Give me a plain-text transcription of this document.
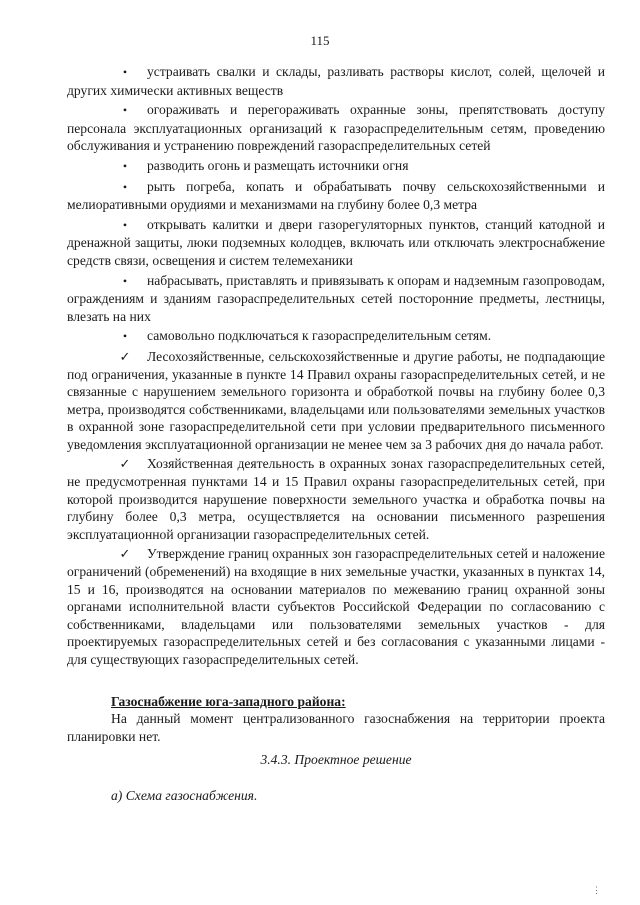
115

• устраивать свалки и склады, разливать растворы кислот, солей, щелочей и других химически активных веществ

• огораживать и перегораживать охранные зоны, препятствовать доступу персонала эксплуатационных организаций к газораспределительным сетям, проведению обслуживания и устранению повреждений газораспределительных сетей

• разводить огонь и размещать источники огня

• рыть погреба, копать и обрабатывать почву сельскохозяйственными и мелиоративными орудиями и механизмами на глубину более 0,3 метра

• открывать калитки и двери газорегуляторных пунктов, станций катодной и дренажной защиты, люки подземных колодцев, включать или отключать электроснабжение средств связи, освещения и систем телемеханики

• набрасывать, приставлять и привязывать к опорам и надземным газопроводам, ограждениям и зданиям газораспределительных сетей посторонние предметы, лестницы, влезать на них

• самовольно подключаться к газораспределительным сетям.

✓ Лесохозяйственные, сельскохозяйственные и другие работы, не подпадающие под ограничения, указанные в пункте 14 Правил охраны газораспределительных сетей, и не связанные с нарушением земельного горизонта и обработкой почвы на глубину более 0,3 метра, производятся собственниками, владельцами или пользователями земельных участков в охранной зоне газораспределительной сети при условии предварительного письменного уведомления эксплуатационной организации не менее чем за 3 рабочих дня до начала работ.

✓ Хозяйственная деятельность в охранных зонах газораспределительных сетей, не предусмотренная пунктами 14 и 15 Правил охраны газораспределительных сетей, при которой производится нарушение поверхности земельного участка и обработка почвы на глубину более 0,3 метра, осуществляется на основании письменного разрешения эксплуатационной организации газораспределительных сетей.

✓ Утверждение границ охранных зон газораспределительных сетей и наложение ограничений (обременений) на входящие в них земельные участки, указанных в пунктах 14, 15 и 16, производятся на основании материалов по межеванию границ охранной зоны органами исполнительной власти субъектов Российской Федерации по согласованию с собственниками, владельцами или пользователями земельных участков - для проектируемых газораспределительных сетей и без согласования с указанными лицами - для существующих газораспределительных сетей.

Газоснабжение юга-западного района:

На данный момент централизованного газоснабжения на территории проекта планировки нет.

3.4.3. Проектное решение

а) Схема газоснабжения.

⋮
